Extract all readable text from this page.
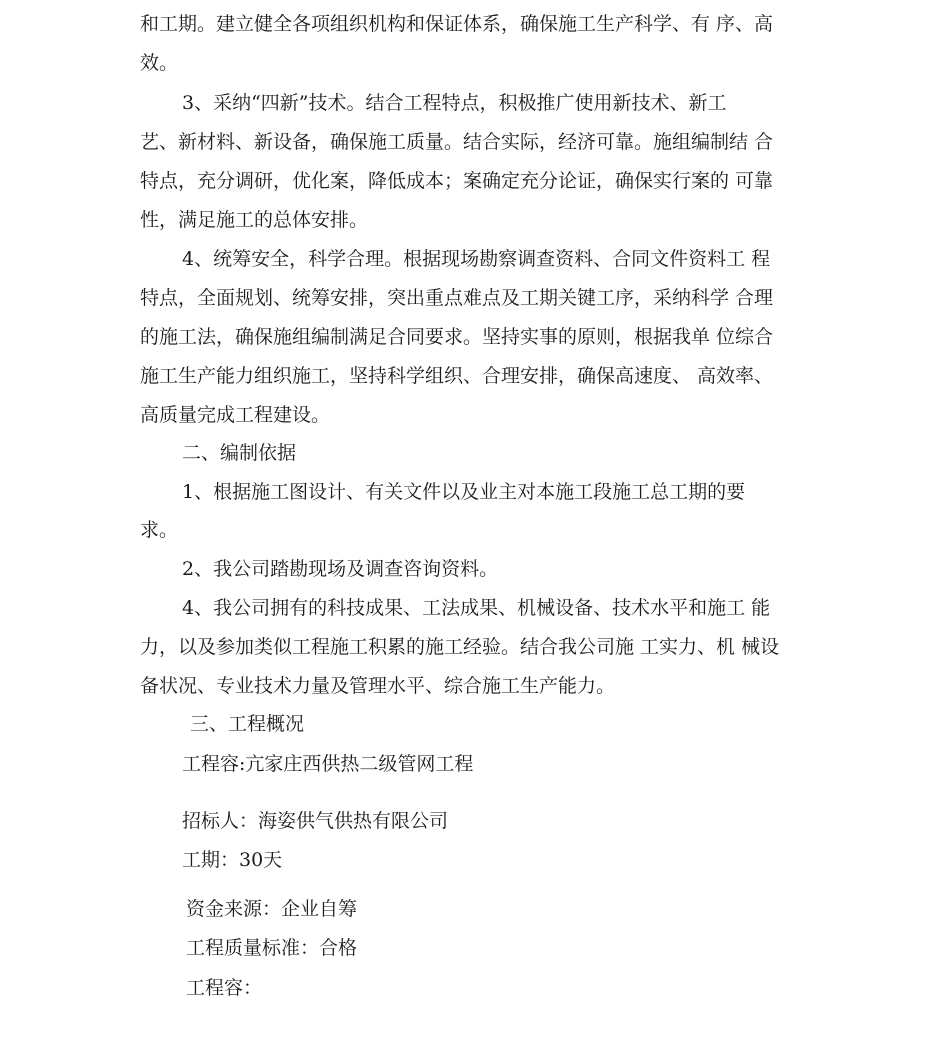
和工期。建立健全各项组织机构和保证体系，确保施工生产科学、有 序、高
效。
3、采纳“四新”技术。结合工程特点，积极推广使用新技术、新工
艺、新材料、新设备，确保施工质量。结合实际，经济可靠。施组编制结 合
特点，充分调研，优化案，降低成本；案确定充分论证，确保实行案的 可靠
性，满足施工的总体安排。
4、统筹安全，科学合理。根据现场勘察调查资料、合同文件资料工 程
特点，全面规划、统筹安排，突出重点难点及工期关键工序，采纳科学 合理
的施工法，确保施组编制满足合同要求。坚持实事的原则，根据我单 位综合
施工生产能力组织施工，坚持科学组织、合理安排，确保高速度、 高效率、
高质量完成工程建设。
二、编制依据
1、根据施工图设计、有关文件以及业主对本施工段施工总工期的要
求。
2、我公司踏勘现场及调查咨询资料。
4、我公司拥有的科技成果、工法成果、机械设备、技术水平和施工 能
力，以及参加类似工程施工积累的施工经验。结合我公司施 工实力、机 械设
备状况、专业技术力量及管理水平、综合施工生产能力。
三、工程概况
工程容:亢家庄西供热二级管网工程
招标人：海姿供气供热有限公司
工期：30天
资金来源：企业自筹
工程质量标准：合格
工程容：
